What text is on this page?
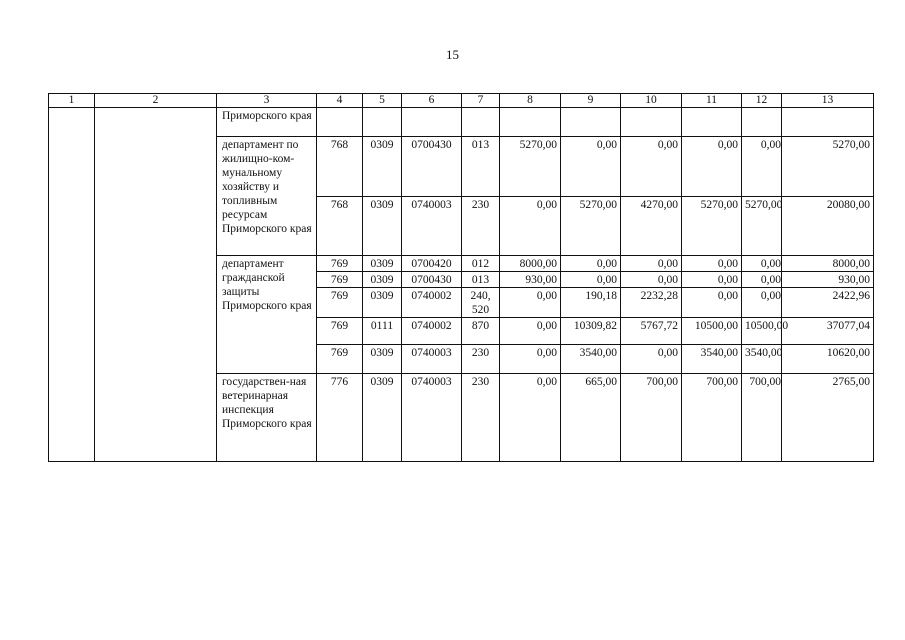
15
1	2	3	4	5	6	7	8	9	10	11	12	13
		Приморского края										
		департамент по жилищно-ком-мунальному хозяйству и топливным ресурсам Приморского края	768	0309	0700430	013	5270,00	0,00	0,00	0,00	0,00	5270,00
			768	0309	0740003	230	0,00	5270,00	4270,00	5270,00	5270,00	20080,00
		департамент гражданской защиты Приморского края	769	0309	0700420	012	8000,00	0,00	0,00	0,00	0,00	8000,00
			769	0309	0700430	013	930,00	0,00	0,00	0,00	0,00	930,00
			769	0309	0740002	240, 520	0,00	190,18	2232,28	0,00	0,00	2422,96
			769	0111	0740002	870	0,00	10309,82	5767,72	10500,00	10500,00	37077,04
			769	0309	0740003	230	0,00	3540,00	0,00	3540,00	3540,00	10620,00
		государствен-ная ветеринарная инспекция Приморского края	776	0309	0740003	230	0,00	665,00	700,00	700,00	700,00	2765,00
